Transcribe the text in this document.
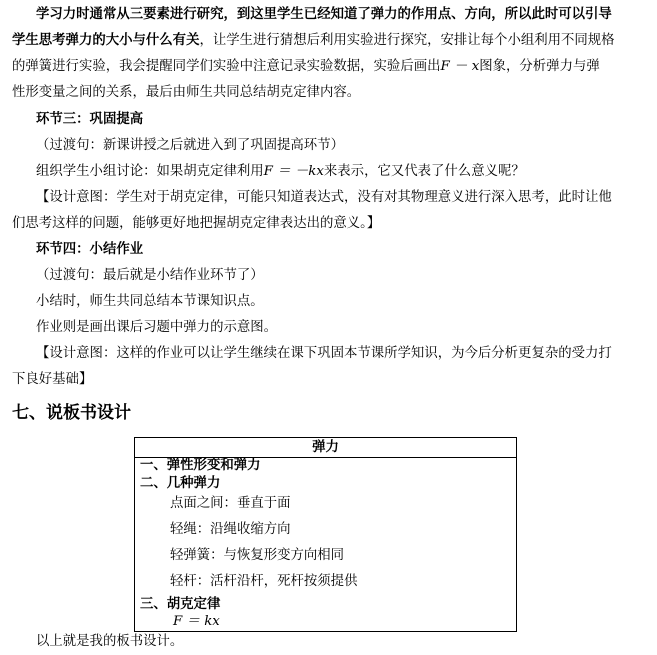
学习力时通常从三要素进行研究，到这里学生已经知道了弹力的作用点、方向，所以此时可以引导
学生思考弹力的大小与什么有关，让学生进行猜想后利用实验进行探究，安排让每个小组利用不同规格
的弹簧进行实验，我会提醒同学们实验中注意记录实验数据，实验后画出F － x图象，分析弹力与弹
性形变量之间的关系，最后由师生共同总结胡克定律内容。
环节三：巩固提高
（过渡句：新课讲授之后就进入到了巩固提高环节）
组织学生小组讨论：如果胡克定律利用F ＝ －kx来表示，它又代表了什么意义呢？
【设计意图：学生对于胡克定律，可能只知道表达式，没有对其物理意义进行深入思考，此时让他
们思考这样的问题，能够更好地把握胡克定律表达出的意义。】
环节四：小结作业
（过渡句：最后就是小结作业环节了）
小结时，师生共同总结本节课知识点。
作业则是画出课后习题中弹力的示意图。
【设计意图：这样的作业可以让学生继续在课下巩固本节课所学知识，为今后分析更复杂的受力打
下良好基础】
七、说板书设计
弹力
一、弹性形变和弹力
二、几种弹力
点面之间：垂直于面
轻绳：沿绳收缩方向
轻弹簧：与恢复形变方向相同
轻杆：活杆沿杆，死杆按须提供
三、胡克定律
F ＝ kx
以上就是我的板书设计。
